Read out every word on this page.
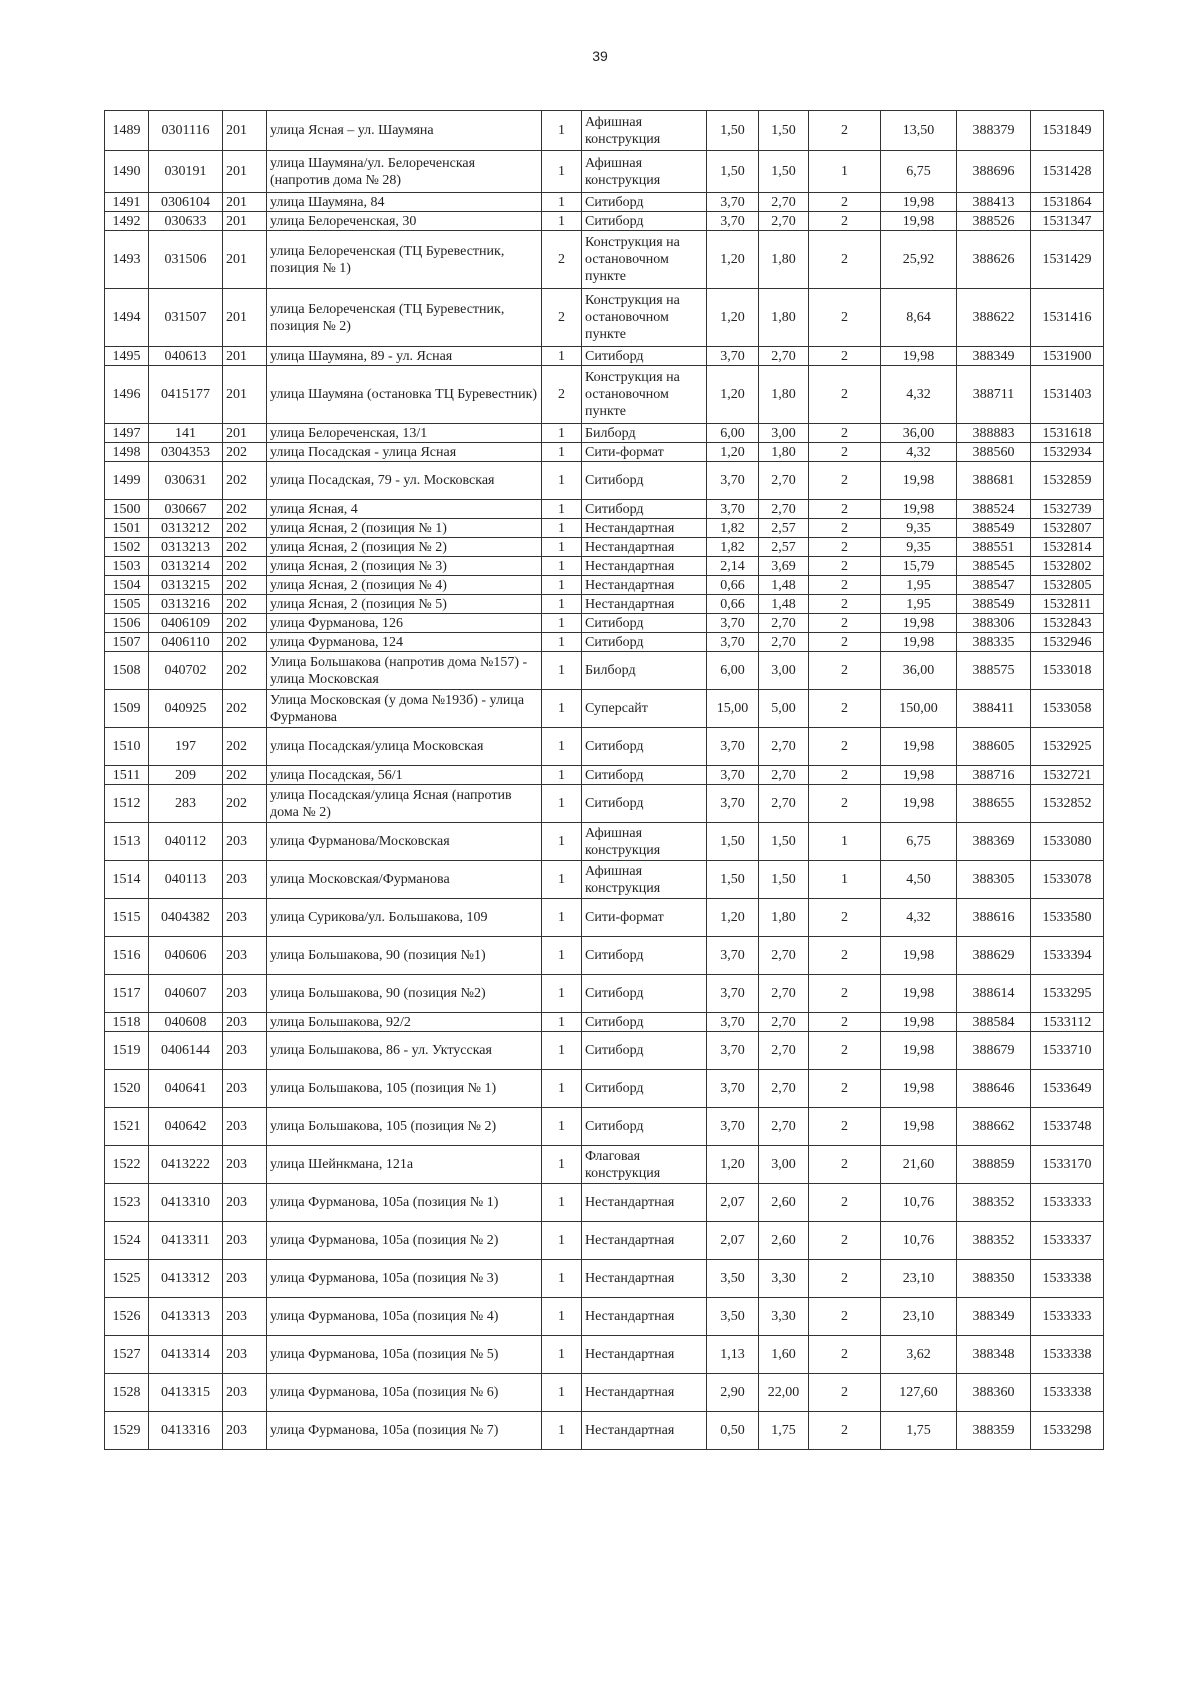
39
1489	0301116	201	улица Ясная – ул. Шаумяна	1	Афишная конструкция	1,50	1,50	2	13,50	388379	1531849
1490	030191	201	улица Шаумяна/ул. Белореченская (напротив дома № 28)	1	Афишная конструкция	1,50	1,50	1	6,75	388696	1531428
1491	0306104	201	улица Шаумяна, 84	1	Ситиборд	3,70	2,70	2	19,98	388413	1531864
1492	030633	201	улица Белореченская, 30	1	Ситиборд	3,70	2,70	2	19,98	388526	1531347
1493	031506	201	улица Белореченская (ТЦ Буревестник, позиция № 1)	2	Конструкция на остановочном пункте	1,20	1,80	2	25,92	388626	1531429
1494	031507	201	улица Белореченская (ТЦ Буревестник, позиция № 2)	2	Конструкция на остановочном пункте	1,20	1,80	2	8,64	388622	1531416
1495	040613	201	улица Шаумяна, 89 - ул. Ясная	1	Ситиборд	3,70	2,70	2	19,98	388349	1531900
1496	0415177	201	улица Шаумяна (остановка ТЦ Буревестник)	2	Конструкция на остановочном пункте	1,20	1,80	2	4,32	388711	1531403
1497	141	201	улица Белореченская, 13/1	1	Билборд	6,00	3,00	2	36,00	388883	1531618
1498	0304353	202	улица Посадская - улица Ясная	1	Сити-формат	1,20	1,80	2	4,32	388560	1532934
1499	030631	202	улица Посадская, 79 - ул. Московская	1	Ситиборд	3,70	2,70	2	19,98	388681	1532859
1500	030667	202	улица Ясная, 4	1	Ситиборд	3,70	2,70	2	19,98	388524	1532739
1501	0313212	202	улица Ясная, 2 (позиция № 1)	1	Нестандартная	1,82	2,57	2	9,35	388549	1532807
1502	0313213	202	улица Ясная, 2 (позиция № 2)	1	Нестандартная	1,82	2,57	2	9,35	388551	1532814
1503	0313214	202	улица Ясная, 2 (позиция № 3)	1	Нестандартная	2,14	3,69	2	15,79	388545	1532802
1504	0313215	202	улица Ясная, 2 (позиция № 4)	1	Нестандартная	0,66	1,48	2	1,95	388547	1532805
1505	0313216	202	улица Ясная, 2 (позиция № 5)	1	Нестандартная	0,66	1,48	2	1,95	388549	1532811
1506	0406109	202	улица Фурманова, 126	1	Ситиборд	3,70	2,70	2	19,98	388306	1532843
1507	0406110	202	улица Фурманова, 124	1	Ситиборд	3,70	2,70	2	19,98	388335	1532946
1508	040702	202	Улица Большакова (напротив дома №157) - улица Московская	1	Билборд	6,00	3,00	2	36,00	388575	1533018
1509	040925	202	Улица Московская (у дома №193б) - улица Фурманова	1	Суперсайт	15,00	5,00	2	150,00	388411	1533058
1510	197	202	улица Посадская/улица Московская	1	Ситиборд	3,70	2,70	2	19,98	388605	1532925
1511	209	202	улица Посадская, 56/1	1	Ситиборд	3,70	2,70	2	19,98	388716	1532721
1512	283	202	улица Посадская/улица Ясная (напротив дома № 2)	1	Ситиборд	3,70	2,70	2	19,98	388655	1532852
1513	040112	203	улица Фурманова/Московская	1	Афишная конструкция	1,50	1,50	1	6,75	388369	1533080
1514	040113	203	улица Московская/Фурманова	1	Афишная конструкция	1,50	1,50	1	4,50	388305	1533078
1515	0404382	203	улица Сурикова/ул. Большакова, 109	1	Сити-формат	1,20	1,80	2	4,32	388616	1533580
1516	040606	203	улица Большакова, 90 (позиция №1)	1	Ситиборд	3,70	2,70	2	19,98	388629	1533394
1517	040607	203	улица Большакова, 90 (позиция №2)	1	Ситиборд	3,70	2,70	2	19,98	388614	1533295
1518	040608	203	улица Большакова, 92/2	1	Ситиборд	3,70	2,70	2	19,98	388584	1533112
1519	0406144	203	улица Большакова, 86 - ул. Уктусская	1	Ситиборд	3,70	2,70	2	19,98	388679	1533710
1520	040641	203	улица Большакова, 105 (позиция № 1)	1	Ситиборд	3,70	2,70	2	19,98	388646	1533649
1521	040642	203	улица Большакова, 105 (позиция № 2)	1	Ситиборд	3,70	2,70	2	19,98	388662	1533748
1522	0413222	203	улица Шейнкмана, 121а	1	Флаговая конструкция	1,20	3,00	2	21,60	388859	1533170
1523	0413310	203	улица Фурманова, 105а (позиция № 1)	1	Нестандартная	2,07	2,60	2	10,76	388352	1533333
1524	0413311	203	улица Фурманова, 105а (позиция № 2)	1	Нестандартная	2,07	2,60	2	10,76	388352	1533337
1525	0413312	203	улица Фурманова, 105а (позиция № 3)	1	Нестандартная	3,50	3,30	2	23,10	388350	1533338
1526	0413313	203	улица Фурманова, 105а (позиция № 4)	1	Нестандартная	3,50	3,30	2	23,10	388349	1533333
1527	0413314	203	улица Фурманова, 105а (позиция № 5)	1	Нестандартная	1,13	1,60	2	3,62	388348	1533338
1528	0413315	203	улица Фурманова, 105а (позиция № 6)	1	Нестандартная	2,90	22,00	2	127,60	388360	1533338
1529	0413316	203	улица Фурманова, 105а (позиция № 7)	1	Нестандартная	0,50	1,75	2	1,75	388359	1533298
